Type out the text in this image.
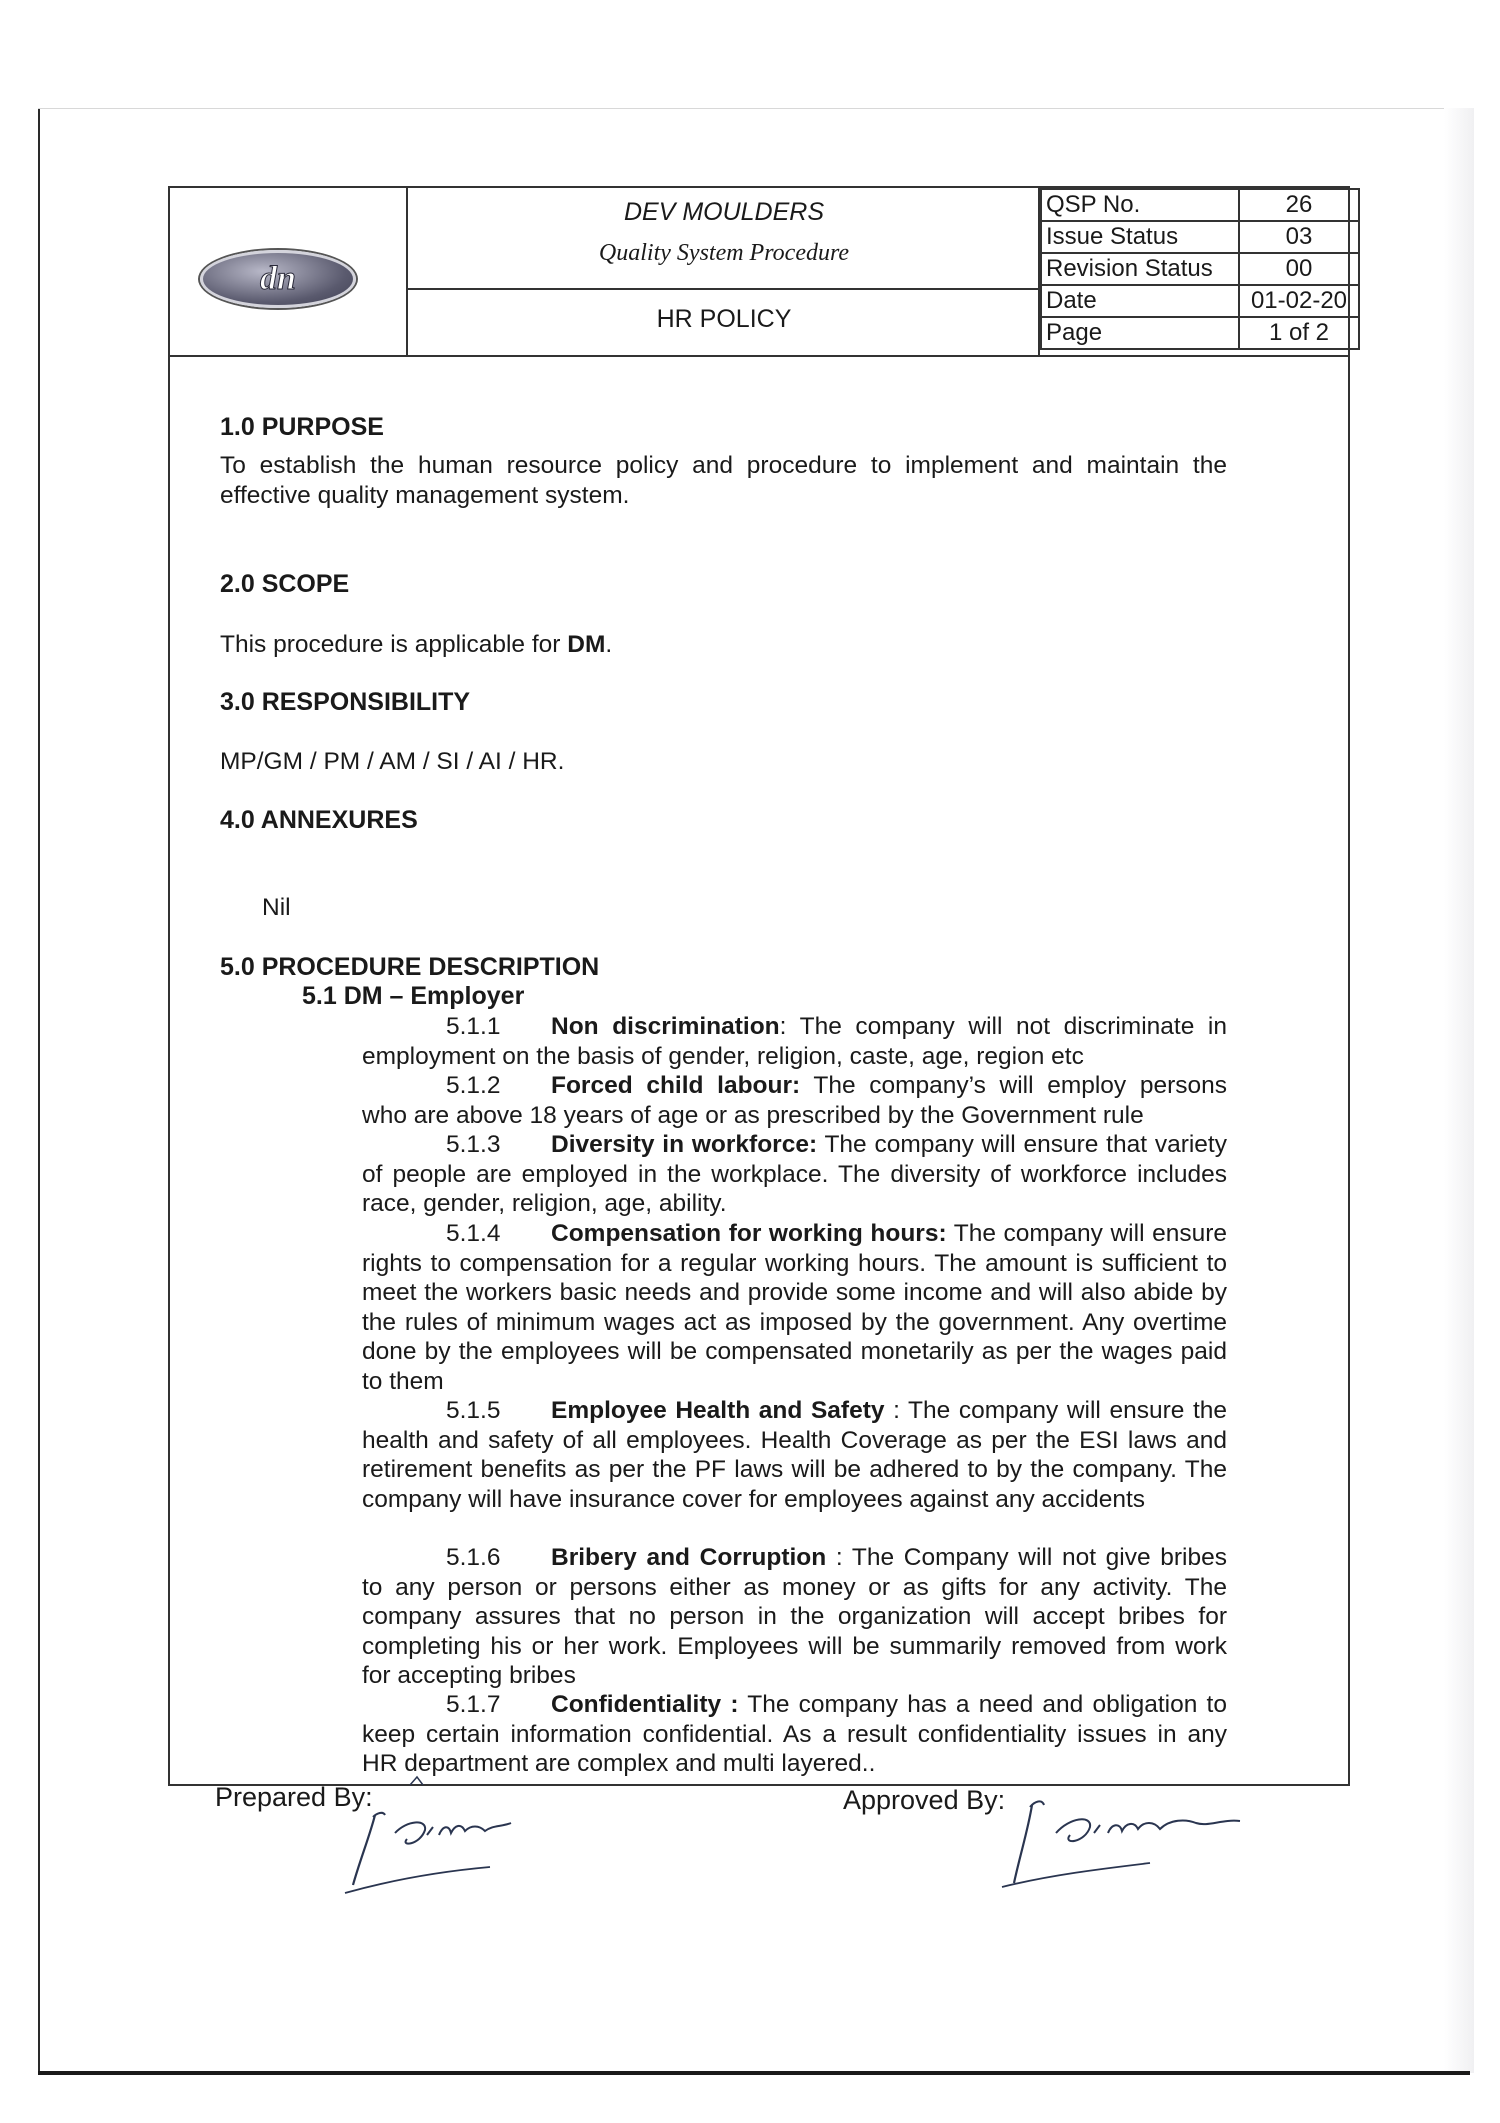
dn
DEV MOULDERS
Quality System Procedure
HR POLICY
QSP No.	26
Issue Status	03
Revision Status	00
Date	01-02-20
Page	1 of 2
1.0 PURPOSE
To establish the human resource policy and procedure to implement and maintain the effective quality management system.
2.0 SCOPE
This procedure is applicable for DM.
3.0 RESPONSIBILITY
MP/GM / PM / AM / SI / AI / HR.
4.0 ANNEXURES
Nil
5.0 PROCEDURE DESCRIPTION
5.1 DM – Employer
5.1.1 Non discrimination: The company will not discriminate in employment on the basis of gender, religion, caste, age, region etc
5.1.2 Forced child labour: The company’s will employ persons who are above 18 years of age or as prescribed by the Government rule
5.1.3 Diversity in workforce: The company will ensure that variety of people are employed in the workplace. The diversity of workforce includes race, gender, religion, age, ability.
5.1.4 Compensation for working hours: The company will ensure rights to compensation for a regular working hours. The amount is sufficient to meet the workers basic needs and provide some income and will also abide by the rules of minimum wages act as imposed by the government. Any overtime done by the employees will be compensated monetarily as per the wages paid to them
5.1.5 Employee Health and Safety : The company will ensure the health and safety of all employees. Health Coverage as per the ESI laws and retirement benefits as per the PF laws will be adhered to by the company. The company will have insurance cover for employees against any accidents
5.1.6 Bribery and Corruption : The Company will not give bribes to any person or persons either as money or as gifts for any activity. The company assures that no person in the organization will accept bribes for completing his or her work. Employees will be summarily removed from work for accepting bribes
5.1.7 Confidentiality : The company has a need and obligation to keep certain information confidential. As a result confidentiality issues in any HR department are complex and multi layered..
Prepared By:	Approved By:
